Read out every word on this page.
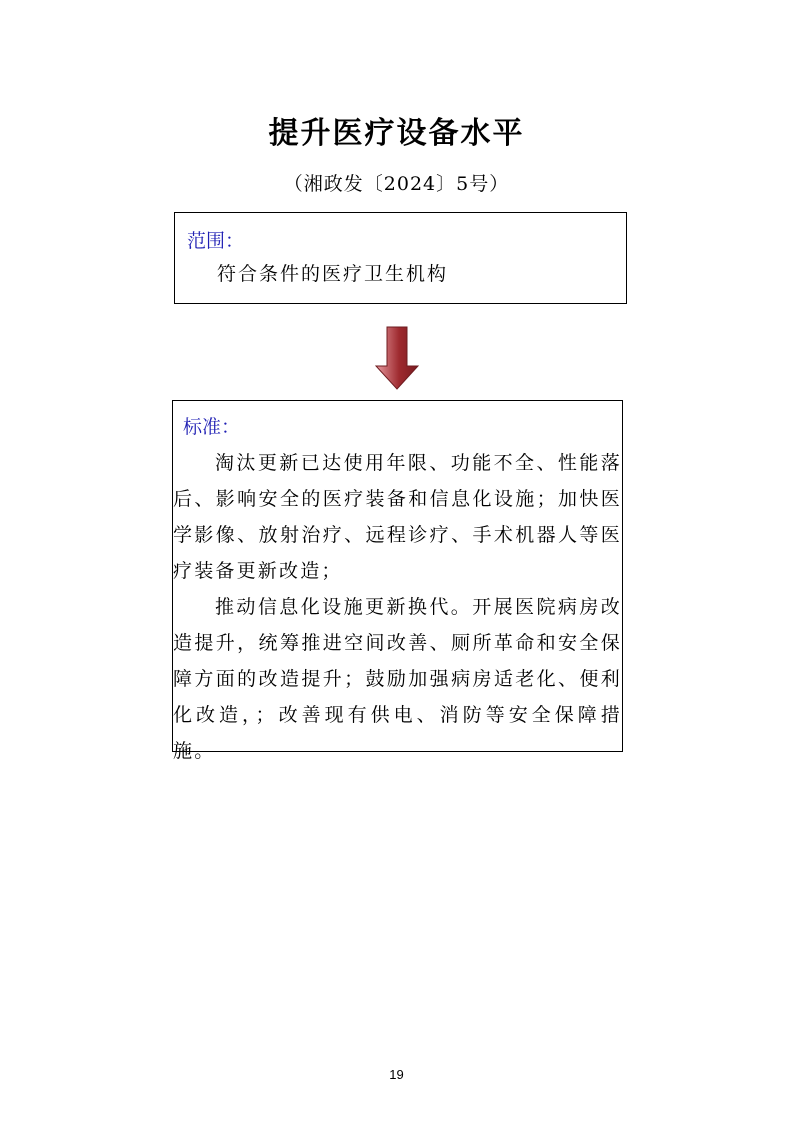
提升医疗设备水平
（湘政发〔2024〕5号）
范围：
符合条件的医疗卫生机构
标准：

淘汰更新已达使用年限、功能不全、性能落后、影响安全的医疗装备和信息化设施；加快医学影像、放射治疗、远程诊疗、手术机器人等医疗装备更新改造；

推动信息化设施更新换代。开展医院病房改造提升，统筹推进空间改善、厕所革命和安全保障方面的改造提升；鼓励加强病房适老化、便利化改造，；改善现有供电、消防等安全保障措施。

19
